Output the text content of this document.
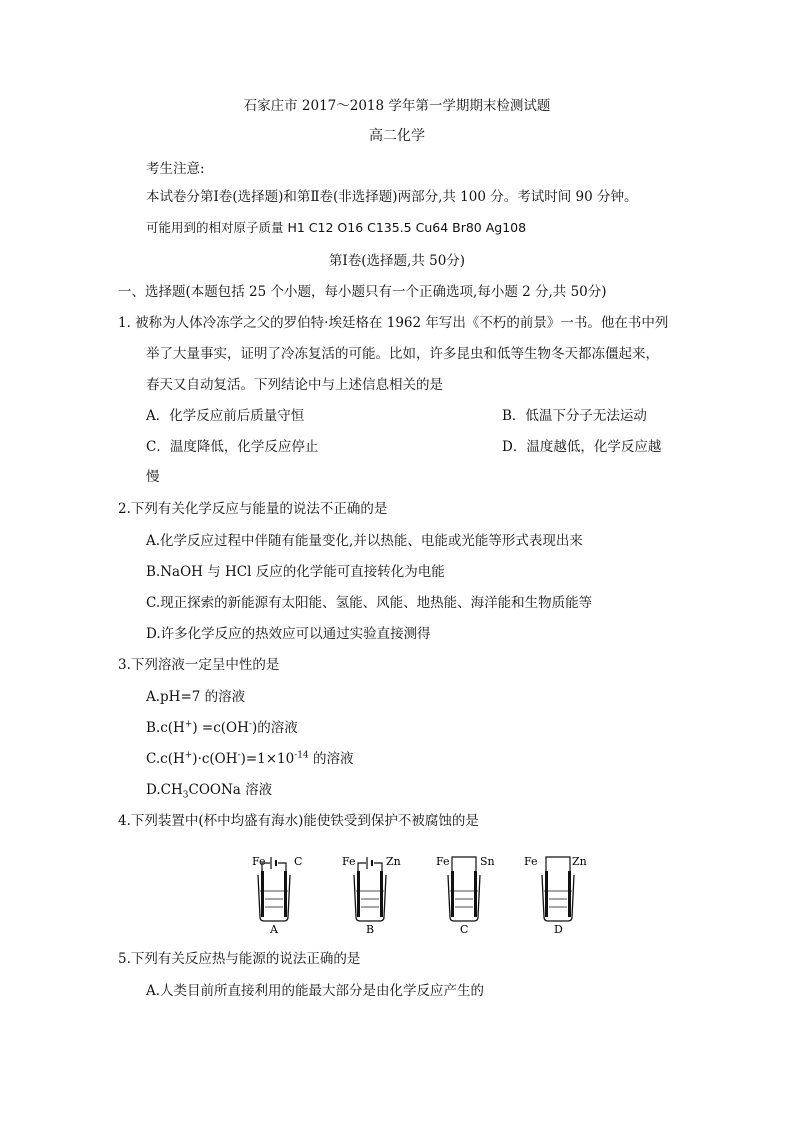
石家庄市 2017～2018 学年第一学期期末检测试题
高二化学
考生注意:
本试卷分第Ⅰ卷(选择题)和第Ⅱ卷(非选择题)两部分,共 100 分。考试时间 90 分钟。
可能用到的相对原子质量 H1 C12 O16 C135.5 Cu64 Br80 Ag108
第Ⅰ卷(选择题,共 50分)
一、选择题(本题包括 25 个小题，每小题只有一个正确选项,每小题 2 分,共 50分)
1. 被称为人体冷冻学之父的罗伯特·埃廷格在 1962 年写出《不朽的前景》一书。他在书中列
举了大量事实，证明了冷冻复活的可能。比如，许多昆虫和低等生物冬天都冻僵起来，
春天又自动复活。下列结论中与上述信息相关的是
A．化学反应前后质量守恒	B．低温下分子无法运动
C．温度降低，化学反应停止	D．温度越低，化学反应越
慢
2.下列有关化学反应与能量的说法不正确的是
A.化学反应过程中伴随有能量变化,并以热能、电能或光能等形式表现出来
B.NaOH 与 HCl 反应的化学能可直接转化为电能
C.现正探索的新能源有太阳能、氢能、风能、地热能、海洋能和生物质能等
D.许多化学反应的热效应可以通过实验直接测得
3.下列溶液一定呈中性的是
A.pH=7 的溶液
B.c(H+) =c(OH-)的溶液
$C.c(H^+)\cdot c(OH^-)=1\times 10^{-14}$ 的溶液
$D.CH_3COONa$ 溶液
4.下列装置中(杯中均盛有海水)能使铁受到保护不被腐蚀的是
Fe	C
A
Fe	Zn
B
Fe	Sn
C
Fe	Zn
D
5.下列有关反应热与能源的说法正确的是
A.人类目前所直接利用的能最大部分是由化学反应产生的
